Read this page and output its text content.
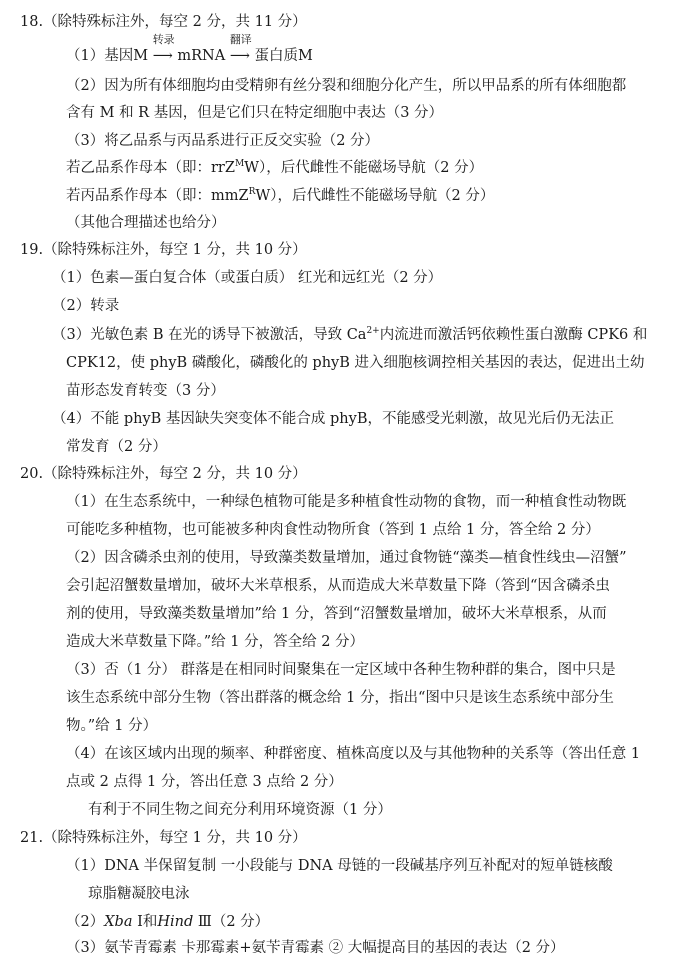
18.（除特殊标注外，每空 2 分，共 11 分）
（1）基因M
转录
⟶ mRNA
翻译
⟶ 蛋白质M
（2）因为所有体细胞均由受精卵有丝分裂和细胞分化产生，所以甲品系的所有体细胞都
含有 M 和 R 基因，但是它们只在特定细胞中表达（3 分）
（3）将乙品系与丙品系进行正反交实验（2 分）
若乙品系作母本（即：rrZ$^M$W），后代雌性不能磁场导航（2 分）
若丙品系作母本（即：mmZ$^R$W），后代雌性不能磁场导航（2 分）
（其他合理描述也给分）
19.（除特殊标注外，每空 1 分，共 10 分）
（1）色素—蛋白复合体（或蛋白质） 红光和远红光（2 分）
（2）转录
（3）光敏色素 B 在光的诱导下被激活，导致 $Ca^{2+}$内流进而激活钙依赖性蛋白激酶 CPK6 和
CPK12，使 phyB 磷酸化，磷酸化的 phyB 进入细胞核调控相关基因的表达，促进出土幼
苗形态发育转变（3 分）
（4）不能 phyB 基因缺失突变体不能合成 phyB，不能感受光刺激，故见光后仍无法正
常发育（2 分）
20.（除特殊标注外，每空 2 分，共 10 分）
（1）在生态系统中，一种绿色植物可能是多种植食性动物的食物，而一种植食性动物既
可能吃多种植物，也可能被多种肉食性动物所食（答到 1 点给 1 分，答全给 2 分）
（2）因含磷杀虫剂的使用，导致藻类数量增加，通过食物链“藻类—植食性线虫—沼蟹”
会引起沼蟹数量增加，破坏大米草根系，从而造成大米草数量下降（答到“因含磷杀虫
剂的使用，导致藻类数量增加”给 1 分，答到“沼蟹数量增加，破坏大米草根系，从而
造成大米草数量下降。”给 1 分，答全给 2 分）
（3）否（1 分） 群落是在相同时间聚集在一定区域中各种生物种群的集合，图中只是
该生态系统中部分生物（答出群落的概念给 1 分，指出“图中只是该生态系统中部分生
物。”给 1 分）
（4）在该区域内出现的频率、种群密度、植株高度以及与其他物种的关系等（答出任意 1
点或 2 点得 1 分，答出任意 3 点给 2 分）
有利于不同生物之间充分利用环境资源（1 分）
21.（除特殊标注外，每空 1 分，共 10 分）
（1）DNA 半保留复制 一小段能与 DNA 母链的一段碱基序列互补配对的短单链核酸
琼脂糖凝胶电泳
（2）Xba Ⅰ和Hind Ⅲ（2 分）
（3）氨苄青霉素 卡那霉素+氨苄青霉素 ② 大幅提高目的基因的表达（2 分）
